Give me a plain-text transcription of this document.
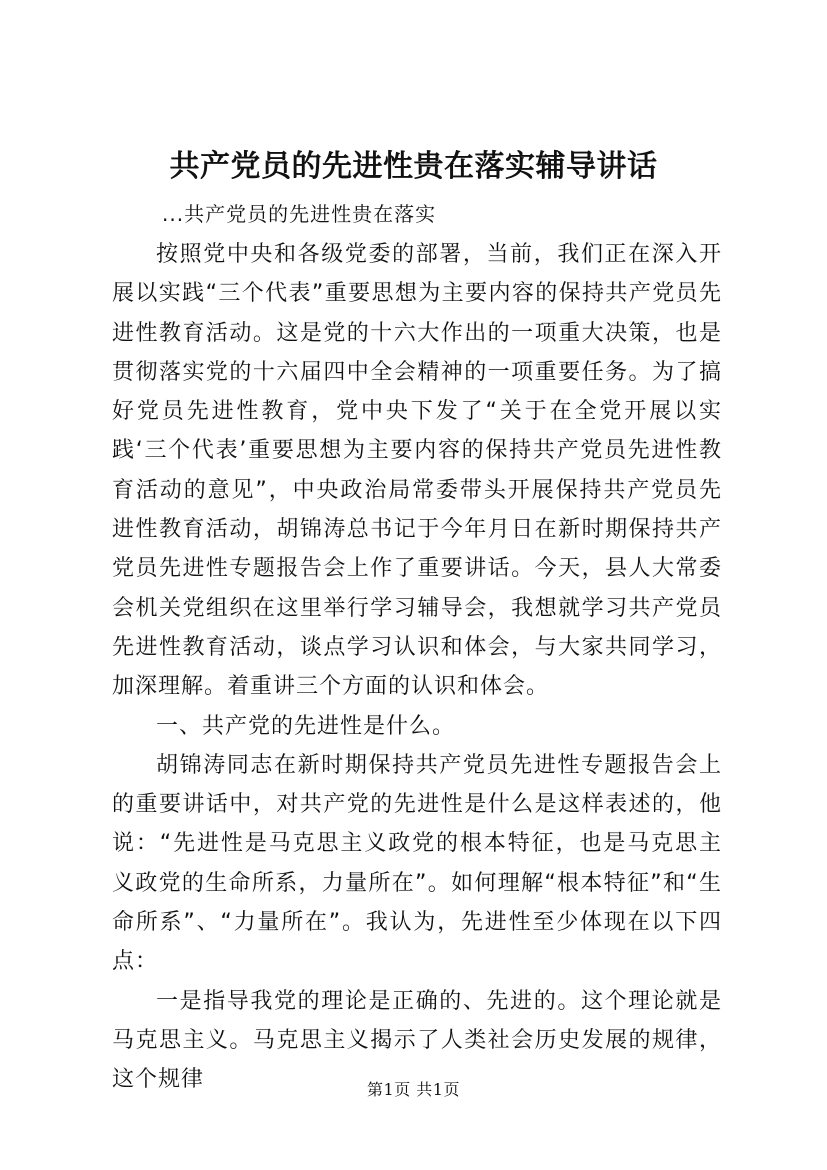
共产党员的先进性贵在落实辅导讲话
...共产党员的先进性贵在落实

按照党中央和各级党委的部署，当前，我们正在深入开展以实践“三个代表”重要思想为主要内容的保持共产党员先进性教育活动。这是党的十六大作出的一项重大决策，也是贯彻落实党的十六届四中全会精神的一项重要任务。为了搞好党员先进性教育，党中央下发了“关于在全党开展以实践‘三个代表’重要思想为主要内容的保持共产党员先进性教育活动的意见”，中央政治局常委带头开展保持共产党员先进性教育活动，胡锦涛总书记于今年月日在新时期保持共产党员先进性专题报告会上作了重要讲话。今天，县人大常委会机关党组织在这里举行学习辅导会，我想就学习共产党员先进性教育活动，谈点学习认识和体会，与大家共同学习，加深理解。着重讲三个方面的认识和体会。

一、共产党的先进性是什么。

胡锦涛同志在新时期保持共产党员先进性专题报告会上的重要讲话中，对共产党的先进性是什么是这样表述的，他说：“先进性是马克思主义政党的根本特征，也是马克思主义政党的生命所系，力量所在”。如何理解“根本特征”和“生命所系”、“力量所在”。我认为，先进性至少体现在以下四点：

一是指导我党的理论是正确的、先进的。这个理论就是马克思主义。马克思主义揭示了人类社会历史发展的规律，这个规律	第1页 共1页
